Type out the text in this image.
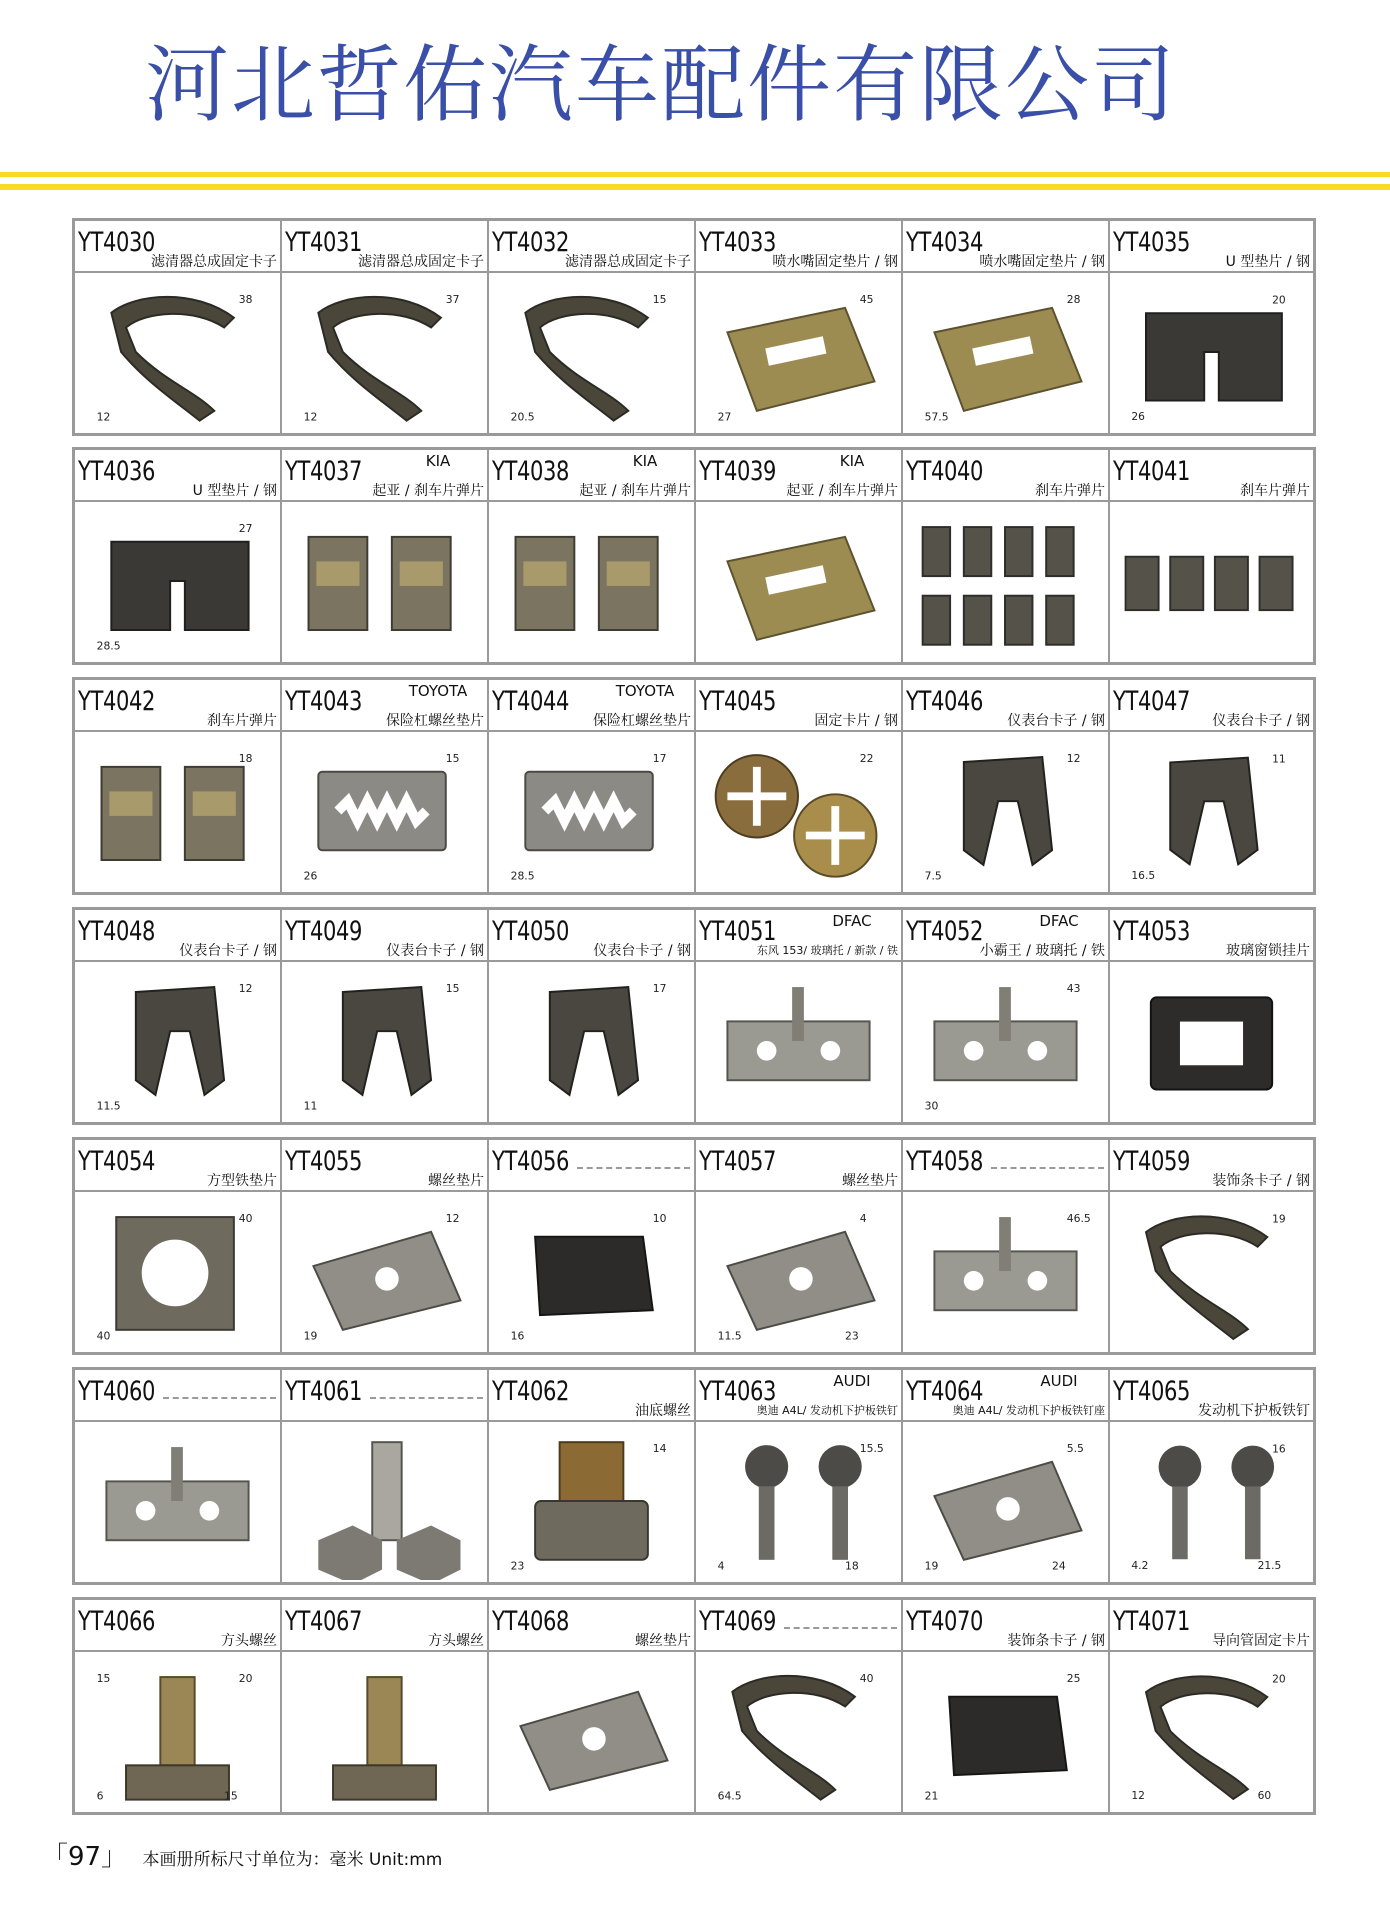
河北哲佑汽车配件有限公司
YT4030
滤清器总成固定卡子
38
12
YT4031
滤清器总成固定卡子
37
12
YT4032
滤清器总成固定卡子
15
20.5
YT4033
喷水嘴固定垫片 / 钢
45
27
YT4034
喷水嘴固定垫片 / 钢
28
57.5
YT4035
U 型垫片 / 钢
20
26
YT4036
U 型垫片 / 钢
27
28.5
YT4037	KIA
起亚 / 刹车片弹片
YT4038	KIA
起亚 / 刹车片弹片
YT4039	KIA
起亚 / 刹车片弹片
YT4040
刹车片弹片
YT4041
刹车片弹片
YT4042
刹车片弹片
18
YT4043	TOYOTA
保险杠螺丝垫片
15
26
YT4044	TOYOTA
保险杠螺丝垫片
17
28.5
YT4045
固定卡片 / 钢
22
YT4046
仪表台卡子 / 钢
12
7.5
YT4047
仪表台卡子 / 钢
11
16.5
YT4048
仪表台卡子 / 钢
12
11.5
YT4049
仪表台卡子 / 钢
15
11
YT4050
仪表台卡子 / 钢
17
YT4051	DFAC
东风 153/ 玻璃托 / 新款 / 铁
YT4052	DFAC
小霸王 / 玻璃托 / 铁
43
30
YT4053
玻璃窗锁挂片
YT4054
方型铁垫片
40
40
YT4055
螺丝垫片
12
19
YT4056
10
16
YT4057
螺丝垫片
4
11.5	23
YT4058
46.5
YT4059
装饰条卡子 / 钢
19
YT4060	YT4061	YT4062
油底螺丝
14
23
YT4063	AUDI
奥迪 A4L/ 发动机下护板铁钉
15.5
4	18
YT4064	AUDI
奥迪 A4L/ 发动机下护板铁钉座
5.5
19	24
YT4065
发动机下护板铁钉
16
4.2	21.5
YT4066
方头螺丝
20
6	15
15
YT4067
方头螺丝
YT4068
螺丝垫片
YT4069
40
64.5
YT4070
装饰条卡子 / 钢
25
21
YT4071
导向管固定卡片
20
12	60
「97」 本画册所标尺寸单位为：毫米 Unit:mm
